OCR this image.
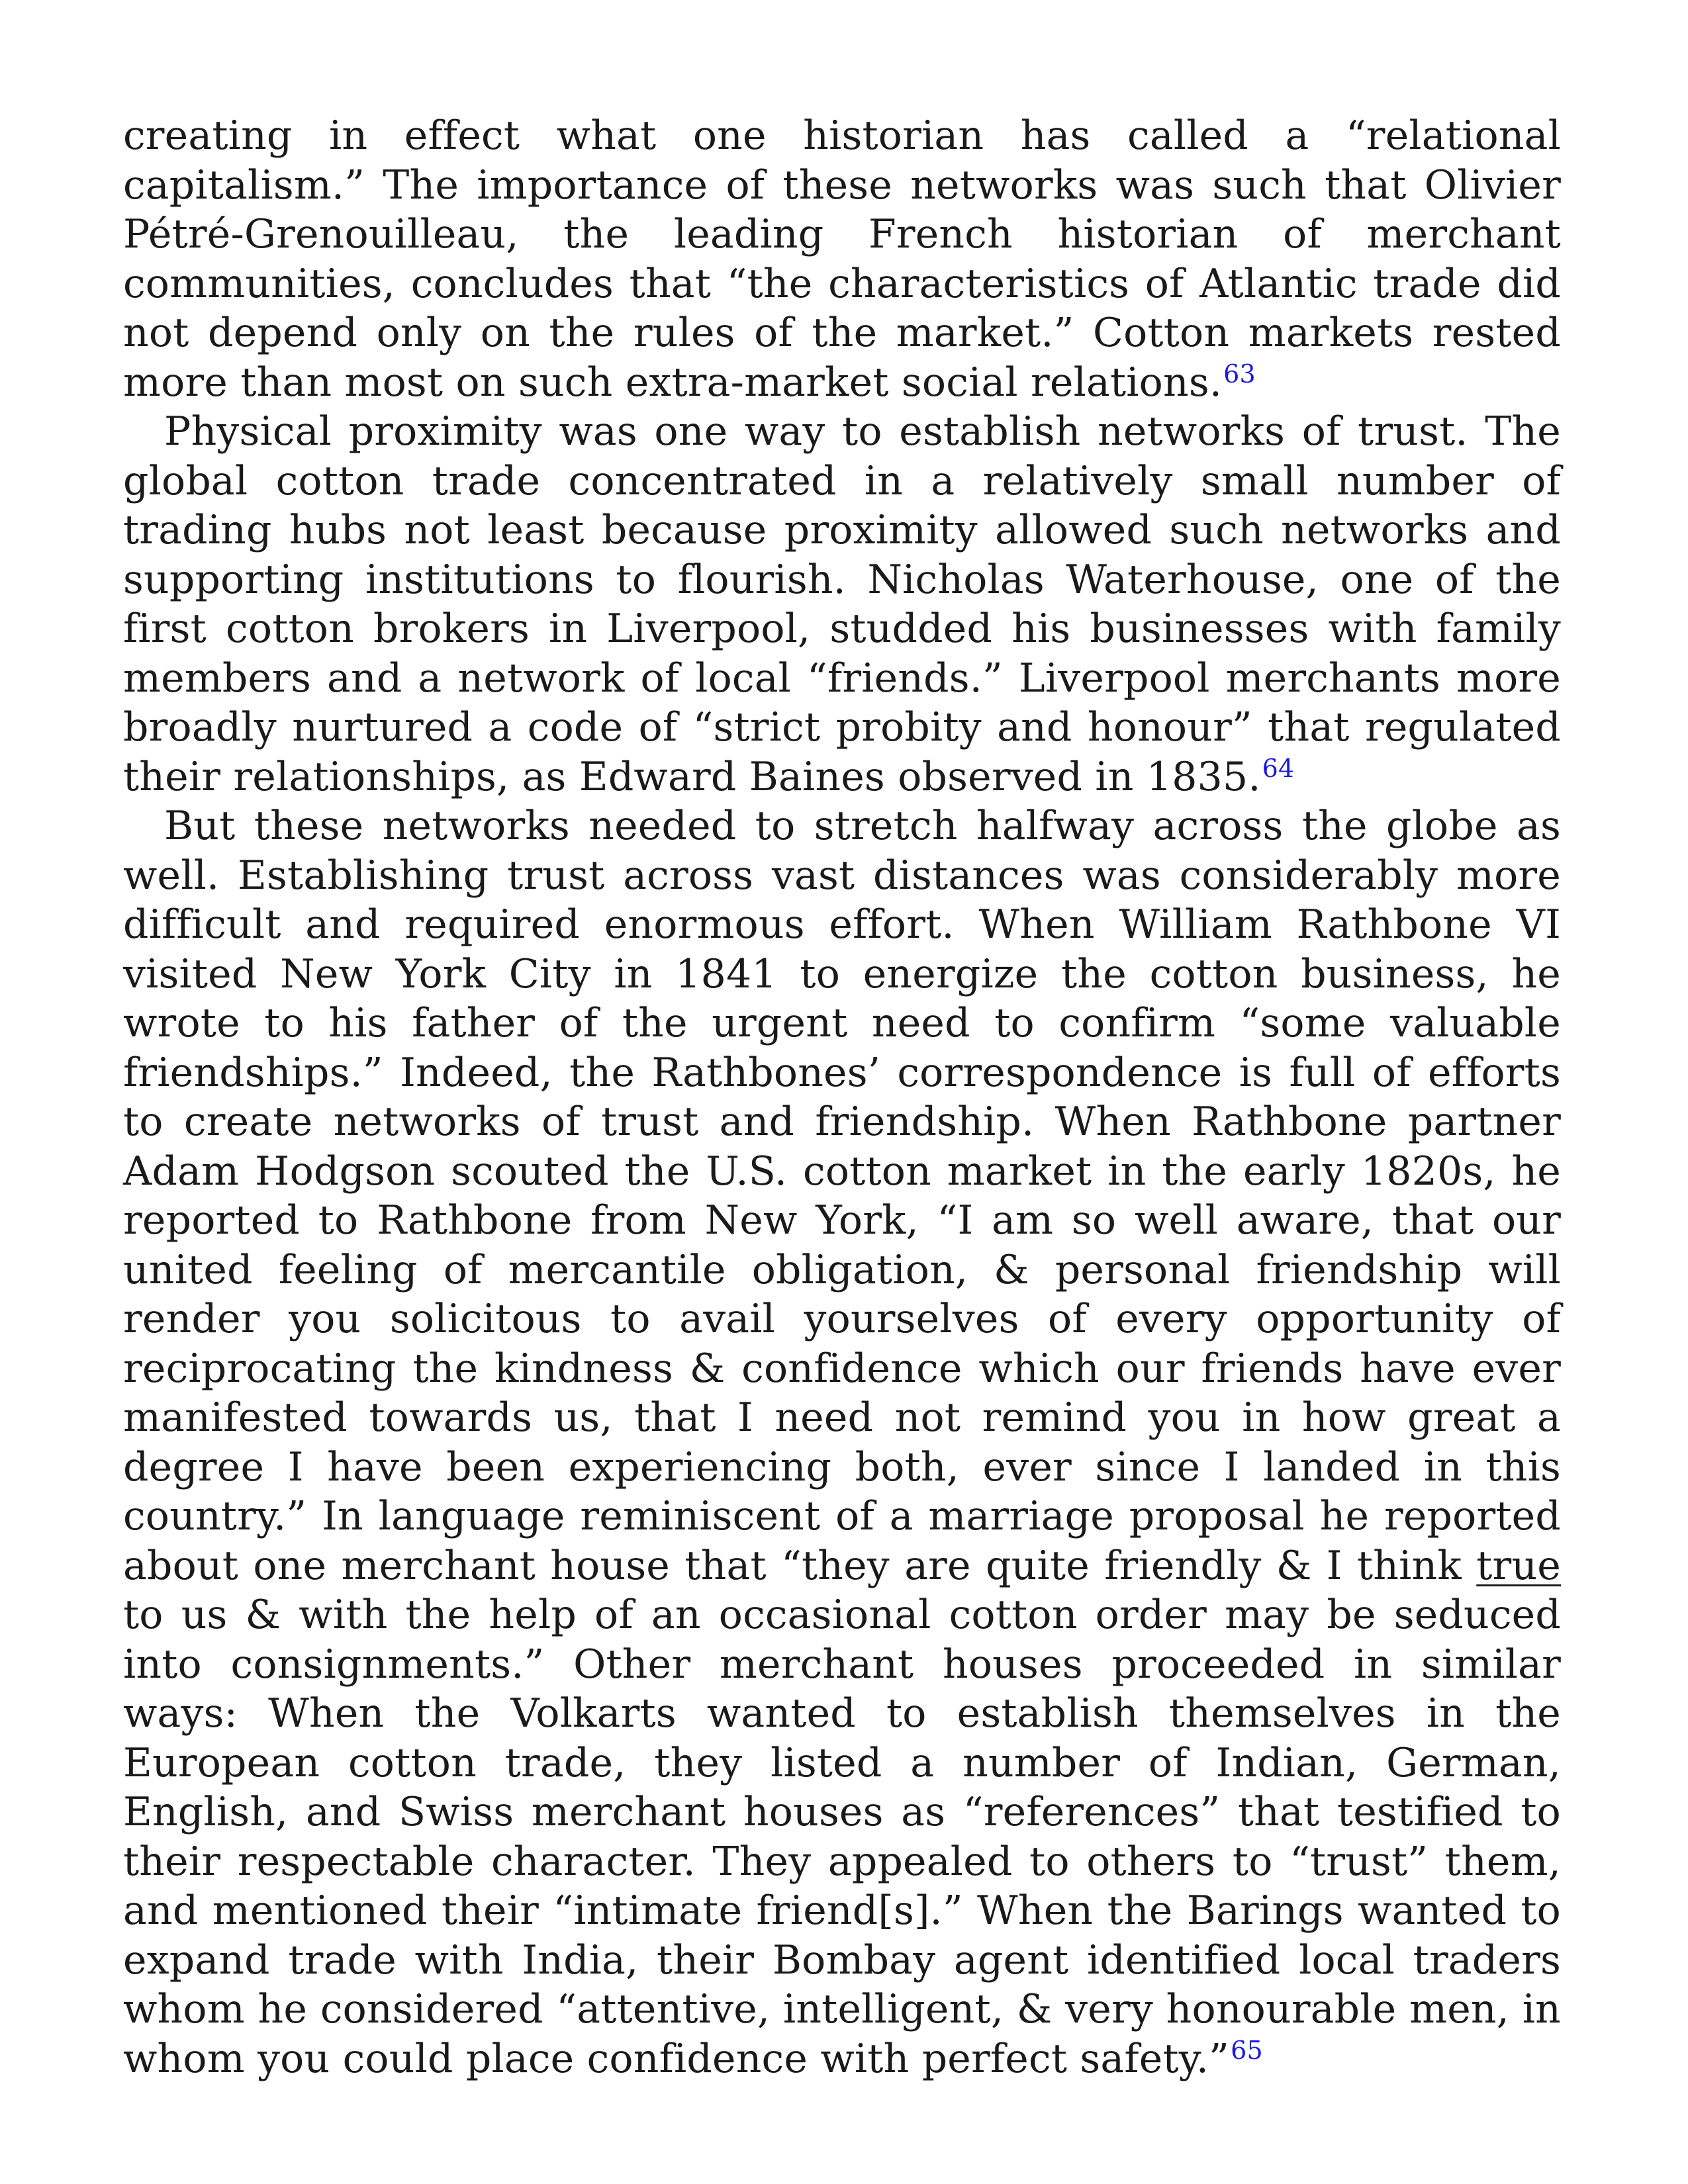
creating in effect what one historian has called a “relational capitalism.” The importance of these networks was such that Olivier Pétré-Grenouilleau, the leading French historian of merchant communities, concludes that “the characteristics of Atlantic trade did not depend only on the rules of the market.” Cotton markets rested more than most on such extra-market social relations.$^{63}$

Physical proximity was one way to establish networks of trust. The global cotton trade concentrated in a relatively small number of trading hubs not least because proximity allowed such networks and supporting institutions to flourish. Nicholas Waterhouse, one of the first cotton brokers in Liverpool, studded his businesses with family members and a network of local “friends.” Liverpool merchants more broadly nurtured a code of “strict probity and honour” that regulated their relationships, as Edward Baines observed in 1835.64

But these networks needed to stretch halfway across the globe as well. Establishing trust across vast distances was considerably more difficult and required enormous effort. When William Rathbone VI visited New York City in 1841 to energize the cotton business, he wrote to his father of the urgent need to confirm “some valuable friendships.” Indeed, the Rathbones’ correspondence is full of efforts to create networks of trust and friendship. When Rathbone partner Adam Hodgson scouted the U.S. cotton market in the early 1820s, he reported to Rathbone from New York, “I am so well aware, that our united feeling of mercantile obligation, & personal friendship will render you solicitous to avail yourselves of every opportunity of reciprocating the kindness & confidence which our friends have ever manifested towards us, that I need not remind you in how great a degree I have been experiencing both, ever since I landed in this country.” In language reminiscent of a marriage proposal he reported about one merchant house that “they are quite friendly & I think true to us & with the help of an occasional cotton order may be seduced into consignments.” Other merchant houses proceeded in similar ways: When the Volkarts wanted to establish themselves in the European cotton trade, they listed a number of Indian, German, English, and Swiss merchant houses as “references” that testified to their respectable character. They appealed to others to “trust” them, and mentioned their “intimate friend[s].” When the Barings wanted to expand trade with India, their Bombay agent identified local traders whom he considered “attentive, intelligent, & very honourable men, in whom you could place confidence with perfect safety.”$^{65}$
